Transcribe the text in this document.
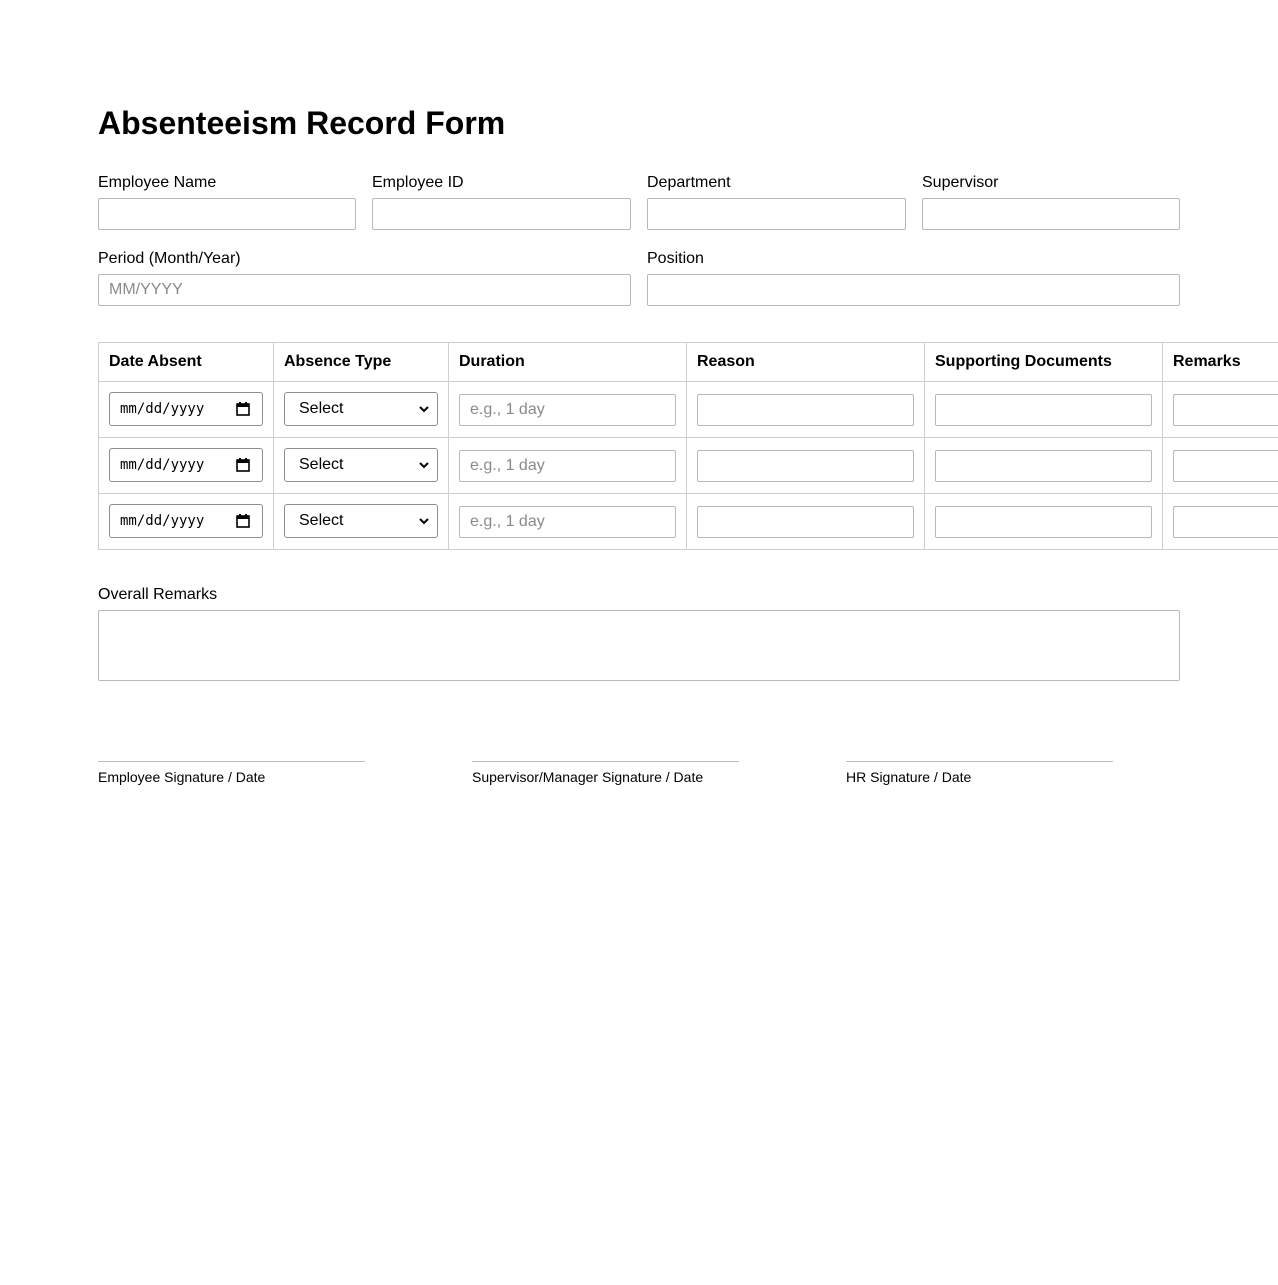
Absenteeism Record Form
Employee Name	Employee ID	Department	Supervisor
Period (Month/Year)
MM/YYYY
Position
Date Absent	Absence Type	Duration	Reason	Supporting Documents	Remarks
mm/dd/yyyy	Select	e.g., 1 day
mm/dd/yyyy	Select	e.g., 1 day
mm/dd/yyyy	Select	e.g., 1 day
Overall Remarks
Employee Signature / Date	Supervisor/Manager Signature / Date	HR Signature / Date
